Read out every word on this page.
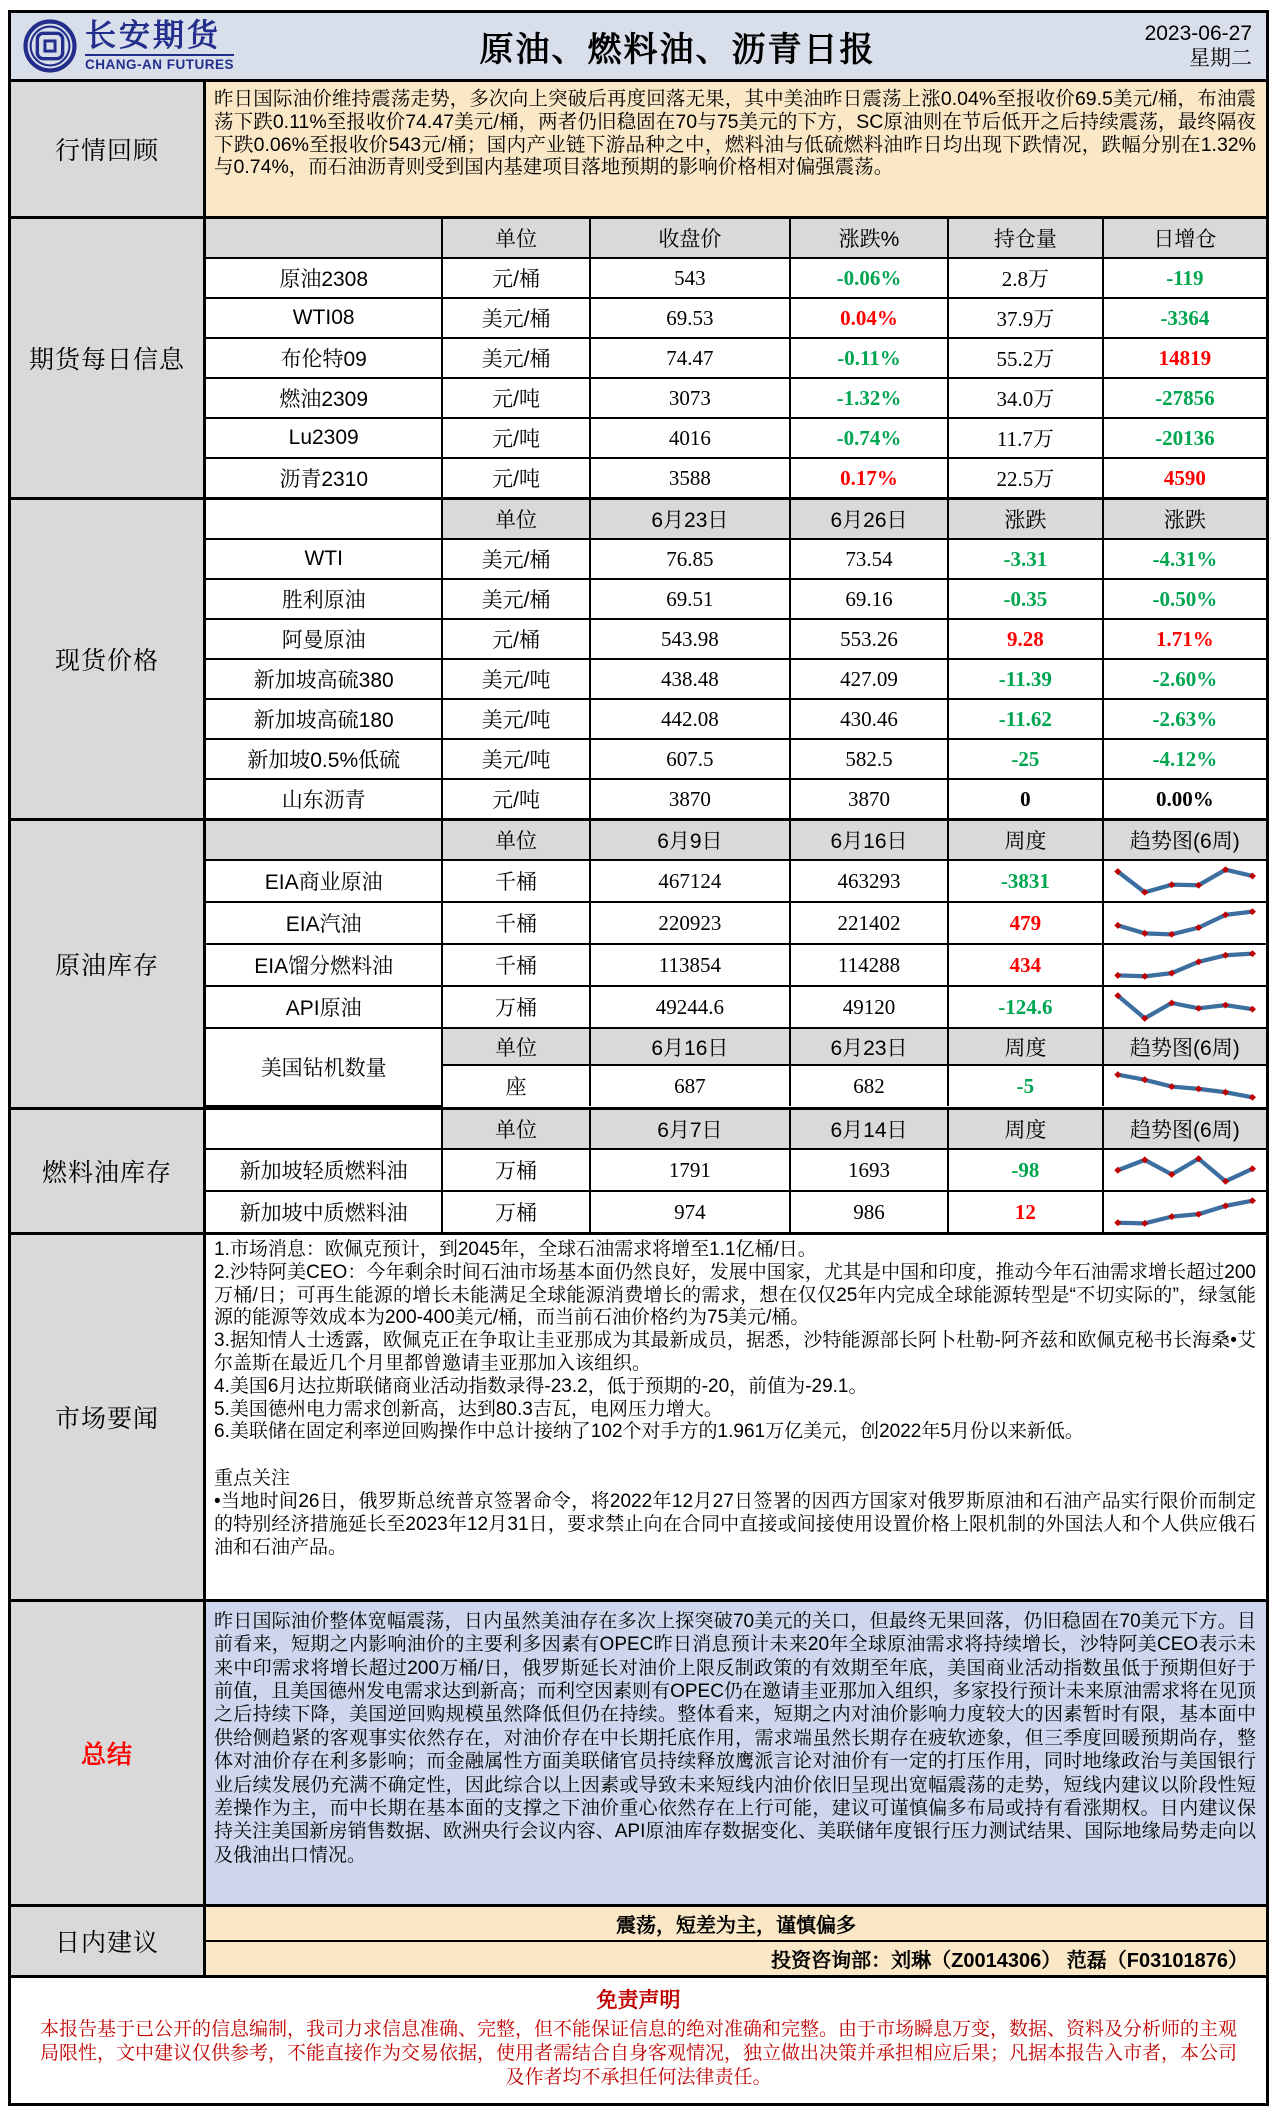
长安期货
CHANG-AN FUTURES	原油、燃料油、沥青日报	2023-06-27
星期二
行情回顾
昨日国际油价维持震荡走势，多次向上突破后再度回落无果，其中美油昨日震荡上涨0.04%至报收价69.5美元/桶，布油震荡下跌0.11%至报收价74.47美元/桶，两者仍旧稳固在70与75美元的下方，SC原油则在节后低开之后持续震荡，最终隔夜下跌0.06%至报收价543元/桶；国内产业链下游品种之中，燃料油与低硫燃料油昨日均出现下跌情况，跌幅分别在1.32%与0.74%，而石油沥青则受到国内基建项目落地预期的影响价格相对偏强震荡。
期货每日信息
	单位	收盘价	涨跌%	持仓量	日增仓
原油2308	元/桶	543	-0.06%	2.8万	-119
WTI08	美元/桶	69.53	0.04%	37.9万	-3364
布伦特09	美元/桶	74.47	-0.11%	55.2万	14819
燃油2309	元/吨	3073	-1.32%	34.0万	-27856
Lu2309	元/吨	4016	-0.74%	11.7万	-20136
沥青2310	元/吨	3588	0.17%	22.5万	4590
现货价格
	单位	6月23日	6月26日	涨跌	涨跌
WTI	美元/桶	76.85	73.54	-3.31	-4.31%
胜利原油	美元/桶	69.51	69.16	-0.35	-0.50%
阿曼原油	元/桶	543.98	553.26	9.28	1.71%
新加坡高硫380	美元/吨	438.48	427.09	-11.39	-2.60%
新加坡高硫180	美元/吨	442.08	430.46	-11.62	-2.63%
新加坡0.5%低硫	美元/吨	607.5	582.5	-25	-4.12%
山东沥青	元/吨	3870	3870	0	0.00%
原油库存
	单位	6月9日	6月16日	周度	趋势图(6周)
EIA商业原油	千桶	467124	463293	-3831	

EIA汽油	千桶	220923	221402	479	

EIA馏分燃料油	千桶	113854	114288	434	

API原油	万桶	49244.6	49120	-124.6	

美国钻机数量	单位	6月16日	6月23日	周度	趋势图(6周)
	座	687	682	-5	
燃料油库存
	单位	6月7日	6月14日	周度	趋势图(6周)
新加坡轻质燃料油	万桶	1791	1693	-98	

新加坡中质燃料油	万桶	974	986	12	
市场要闻
1.市场消息：欧佩克预计，到2045年，全球石油需求将增至1.1亿桶/日。
2.沙特阿美CEO：今年剩余时间石油市场基本面仍然良好，发展中国家，尤其是中国和印度，推动今年石油需求增长超过200万桶/日；可再生能源的增长未能满足全球能源消费增长的需求，想在仅仅25年内完成全球能源转型是“不切实际的”，绿氢能源的能源等效成本为200-400美元/桶，而当前石油价格约为75美元/桶。
3.据知情人士透露，欧佩克正在争取让圭亚那成为其最新成员，据悉，沙特能源部长阿卜杜勒-阿齐兹和欧佩克秘书长海桑•艾尔盖斯在最近几个月里都曾邀请圭亚那加入该组织。
4.美国6月达拉斯联储商业活动指数录得-23.2，低于预期的-20，前值为-29.1。
5.美国德州电力需求创新高，达到80.3吉瓦，电网压力增大。
6.美联储在固定利率逆回购操作中总计接纳了102个对手方的1.961万亿美元，创2022年5月份以来新低。
重点关注
•当地时间26日，俄罗斯总统普京签署命令，将2022年12月27日签署的因西方国家对俄罗斯原油和石油产品实行限价而制定的特别经济措施延长至2023年12月31日，要求禁止向在合同中直接或间接使用设置价格上限机制的外国法人和个人供应俄石油和石油产品。
总结
昨日国际油价整体宽幅震荡，日内虽然美油存在多次上探突破70美元的关口，但最终无果回落，仍旧稳固在70美元下方。目前看来，短期之内影响油价的主要利多因素有OPEC昨日消息预计未来20年全球原油需求将持续增长，沙特阿美CEO表示未来中印需求将增长超过200万桶/日，俄罗斯延长对油价上限反制政策的有效期至年底，美国商业活动指数虽低于预期但好于前值，且美国德州发电需求达到新高；而利空因素则有OPEC仍在邀请圭亚那加入组织，多家投行预计未来原油需求将在见顶之后持续下降，美国逆回购规模虽然降低但仍在持续。整体看来，短期之内对油价影响力度较大的因素暂时有限，基本面中供给侧趋紧的客观事实依然存在，对油价存在中长期托底作用，需求端虽然长期存在疲软迹象，但三季度回暖预期尚存，整体对油价存在利多影响；而金融属性方面美联储官员持续释放鹰派言论对油价有一定的打压作用，同时地缘政治与美国银行业后续发展仍充满不确定性，因此综合以上因素或导致未来短线内油价依旧呈现出宽幅震荡的走势，短线内建议以阶段性短差操作为主，而中长期在基本面的支撑之下油价重心依然存在上行可能，建议可谨慎偏多布局或持有看涨期权。日内建议保持关注美国新房销售数据、欧洲央行会议内容、API原油库存数据变化、美联储年度银行压力测试结果、国际地缘局势走向以及俄油出口情况。
日内建议
震荡，短差为主，谨慎偏多
投资咨询部：刘琳（Z0014306） 范磊（F03101876）
免责声明
本报告基于已公开的信息编制，我司力求信息准确、完整，但不能保证信息的绝对准确和完整。由于市场瞬息万变，数据、资料及分析师的主观局限性，文中建议仅供参考，不能直接作为交易依据，使用者需结合自身客观情况，独立做出决策并承担相应后果；凡据本报告入市者，本公司及作者均不承担任何法律责任。
